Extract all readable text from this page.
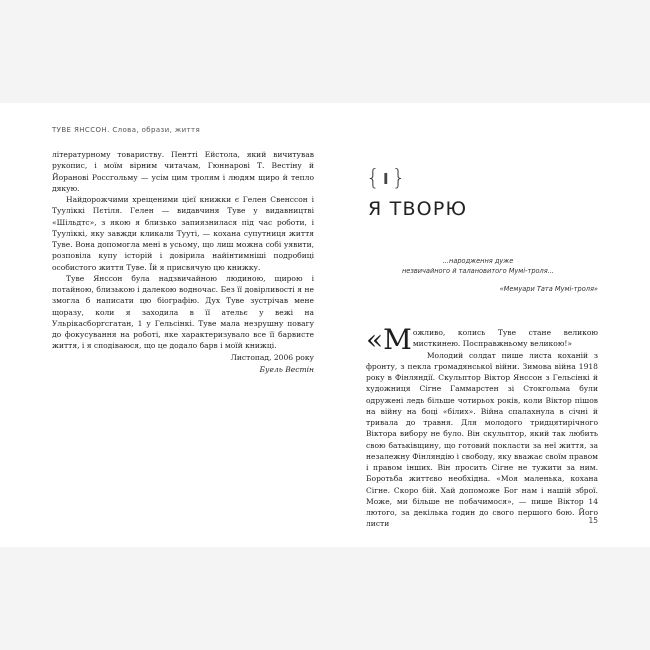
ТУВЕ ЯНССОН. Слова, образи, життя

літературному товариству. Пентті Ейстола, який вичитував рукопис, і моїм вірним читачам, Гюннарові Т. Вестіну й Йоранові Россгольму — усім цим тролям і людям щиро й тепло дякую.

Найдорожчими хрещеними цієї книжки є Гелен Свенссон і Тууліккі Пєтіля. Гелен — видавчиня Туве у видавництві «Шільдтс», з якою я близько запиязнилася під час роботи, і Тууліккі, яку завжди кликали Тууті, — кохана супутниця життя Туве. Вона допомогла мені в усьому, що лиш можна собі уявити, розповіла купу історій і довірила найінтимніші подробиці особистого життя Туве. Їй я присвячую цю книжку.

Туве Янссон була надзвичайною людиною, щирою і потайною, близькою і далекою водночас. Без її довірливості я не змогла б написати цю біографію. Дух Туве зустрічав мене щоразу, коли я заходила в її ательє у вежі на Ульрікасборгсгатан, 1 у Гельсінкі. Туве мала незрушну повагу до фокусування на роботі, яке характеризувало все її барвисте життя, і я сподіваюся, що це додало барв і моїй книжці.

Листопад, 2006 року
Буель Вестін
{ I }
Я ТВОРЮ
...народження дуже
незвичайного й талановитого Мумі-троля...
«Мемуари Тата Мумі-троля»

«М ожливо, колись Туве стане великою мисткинею. Посправжньому великою!»

Молодий солдат пише листа коханій з фронту, з пекла громадянської війни. Зимова війна 1918 року в Фінляндії. Скульптор Віктор Янссон з Гельсінкі й художниця Сігне Гаммарстен зі Стокгольма були одружені ледь більше чотирьох років, коли Віктор пішов на війну на боці «білих». Війна спалахнула в січні й тривала до травня. Для молодого тридцятирічного Віктора вибору не було. Він скульптор, який так любить свою батьківщину, що готовий покласти за неї життя, за незалежну Фінляндію і свободу, яку вважає своїм правом і правом інших. Він просить Сігне не тужити за ним. Боротьба життєво необхідна. «Моя маленька, кохана Сігне. Скоро бій. Хай допоможе Бог нам і нашій зброї. Може, ми більше не побачимося», — пише Віктор 14 лютого, за декілька годин до свого першого бою. Його листи	15
